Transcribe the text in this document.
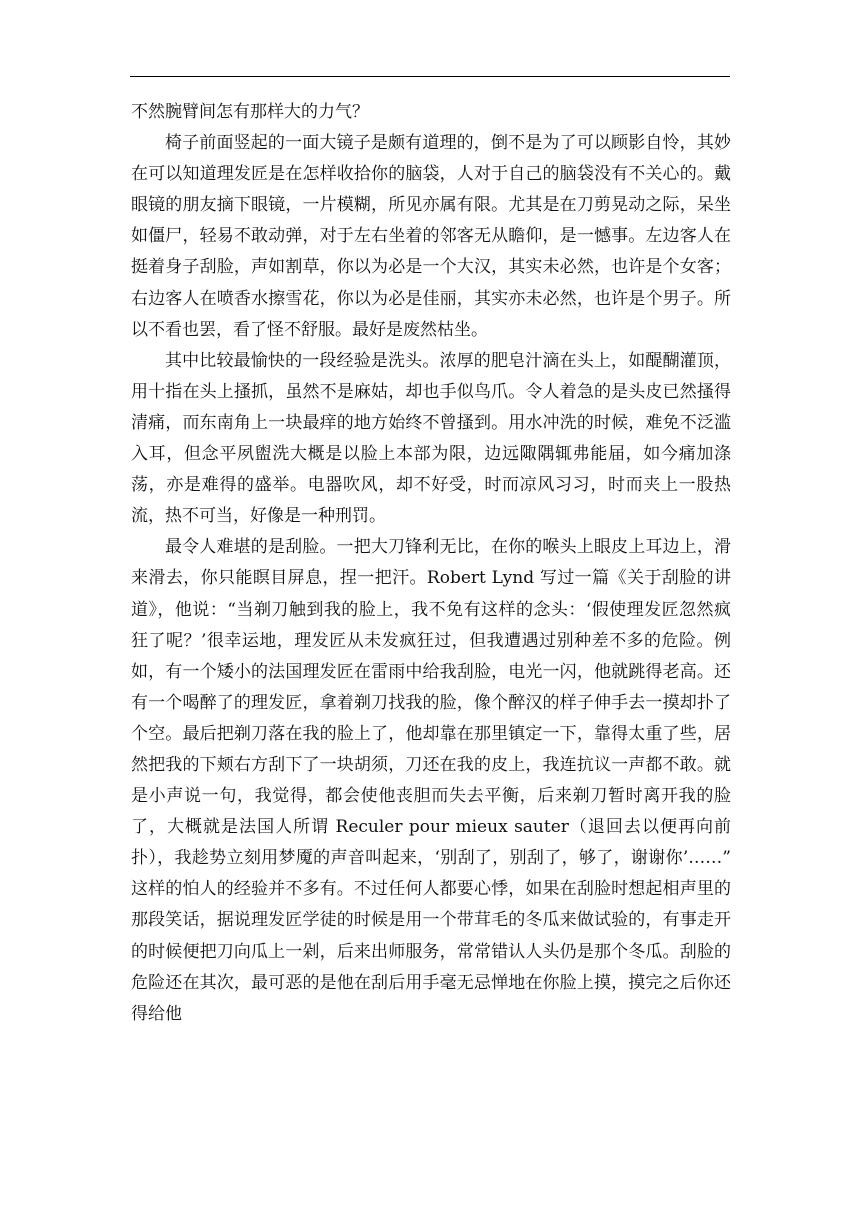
不然腕臂间怎有那样大的力气？

椅子前面竖起的一面大镜子是颇有道理的，倒不是为了可以顾影自怜，其妙在可以知道理发匠是在怎样收拾你的脑袋，人对于自己的脑袋没有不关心的。戴眼镜的朋友摘下眼镜，一片模糊，所见亦属有限。尤其是在刀剪晃动之际，呆坐如僵尸，轻易不敢动弹，对于左右坐着的邻客无从瞻仰，是一憾事。左边客人在挺着身子刮脸，声如割草，你以为必是一个大汉，其实未必然，也许是个女客；右边客人在喷香水擦雪花，你以为必是佳丽，其实亦未必然，也许是个男子。所以不看也罢，看了怪不舒服。最好是废然枯坐。

其中比较最愉快的一段经验是洗头。浓厚的肥皂汁滴在头上，如醍醐灌顶，用十指在头上搔抓，虽然不是麻姑，却也手似鸟爪。令人着急的是头皮已然搔得清痛，而东南角上一块最痒的地方始终不曾搔到。用水冲洗的时候，难免不泛滥入耳，但念平夙盥洗大概是以脸上本部为限，边远陬隅辄弗能届，如今痛加涤荡，亦是难得的盛举。电器吹风，却不好受，时而凉风习习，时而夹上一股热流，热不可当，好像是一种刑罚。

最令人难堪的是刮脸。一把大刀锋利无比，在你的喉头上眼皮上耳边上，滑来滑去，你只能瞑目屏息，捏一把汗。Robert Lynd 写过一篇《关于刮脸的讲道》，他说：“当剃刀触到我的脸上，我不免有这样的念头：‘假使理发匠忽然疯狂了呢？’很幸运地，理发匠从未发疯狂过，但我遭遇过别种差不多的危险。例如，有一个矮小的法国理发匠在雷雨中给我刮脸，电光一闪，他就跳得老高。还有一个喝醉了的理发匠，拿着剃刀找我的脸，像个醉汉的样子伸手去一摸却扑了个空。最后把剃刀落在我的脸上了，他却靠在那里镇定一下，靠得太重了些，居然把我的下颊右方刮下了一块胡须，刀还在我的皮上，我连抗议一声都不敢。就是小声说一句，我觉得，都会使他丧胆而失去平衡，后来剃刀暂时离开我的脸了，大概就是法国人所谓 Reculer pour mieux sauter（退回去以便再向前扑），我趁势立刻用梦魇的声音叫起来，‘别刮了，别刮了，够了，谢谢你’……” 这样的怕人的经验并不多有。不过任何人都要心悸，如果在刮脸时想起相声里的那段笑话，据说理发匠学徒的时候是用一个带茸毛的冬瓜来做试验的，有事走开的时候便把刀向瓜上一剁，后来出师服务，常常错认人头仍是那个冬瓜。刮脸的危险还在其次，最可恶的是他在刮后用手毫无忌惮地在你脸上摸，摸完之后你还得给他
